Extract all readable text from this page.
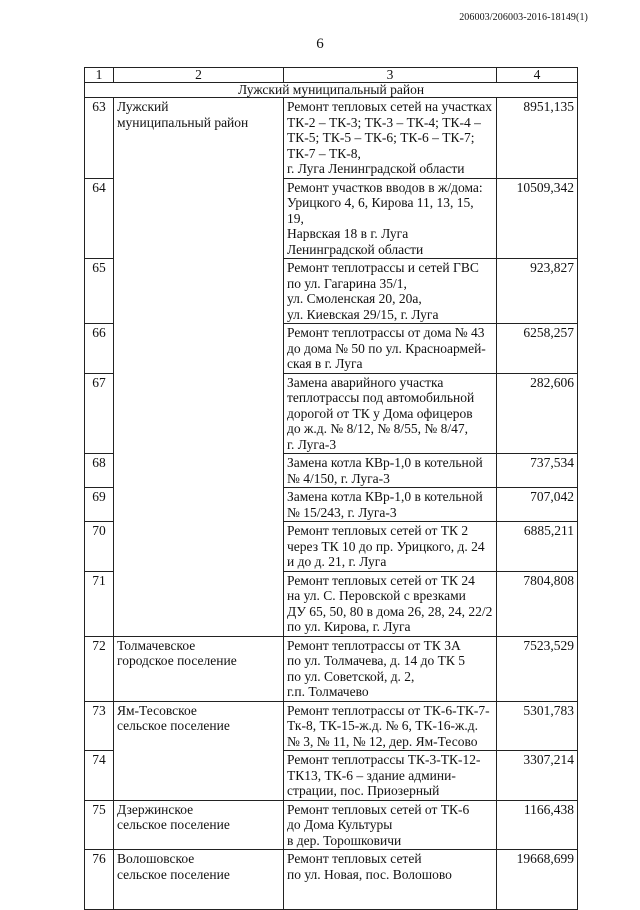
206003/206003-2016-18149(1)
6
1	2	3	4
Лужский муниципальный район			
63	Лужский
муниципальный район	Ремонт тепловых сетей на участках
ТК-2 – ТК-3; ТК-3 – ТК-4; ТК-4 –
ТК-5; ТК-5 – ТК-6; ТК-6 – ТК-7;
ТК-7 – ТК-8,
г. Луга Ленинградской области	8951,135
64		Ремонт участков вводов в ж/дома:
Урицкого 4, 6, Кирова 11, 13, 15, 19,
Нарвская 18 в г. Луга
Ленинградской области	10509,342
65		Ремонт теплотрассы и сетей ГВС
по ул. Гагарина 35/1,
ул. Смоленская 20, 20а,
ул. Киевская 29/15, г. Луга	923,827
66		Ремонт теплотрассы от дома № 43
до дома № 50 по ул. Красноармей-
ская в г. Луга	6258,257
67		Замена аварийного участка
теплотрассы под автомобильной
дорогой от ТК у Дома офицеров
до ж.д. № 8/12, № 8/55, № 8/47,
г. Луга-3	282,606
68		Замена котла КВр-1,0 в котельной
№ 4/150, г. Луга-3	737,534
69		Замена котла КВр-1,0 в котельной
№ 15/243, г. Луга-3	707,042
70		Ремонт тепловых сетей от ТК 2
через ТК 10 до пр. Урицкого, д. 24
и до д. 21, г. Луга	6885,211
71		Ремонт тепловых сетей от ТК 24
на ул. С. Перовской с врезками
ДУ 65, 50, 80 в дома 26, 28, 24, 22/2
по ул. Кирова, г. Луга	7804,808
72	Толмачевское
городское поселение	Ремонт теплотрассы от ТК 3А
по ул. Толмачева, д. 14 до ТК 5
по ул. Советской, д. 2,
г.п. Толмачево	7523,529
73	Ям-Тесовское
сельское поселение	Ремонт теплотрассы от ТК-6-ТК-7-
Тк-8, ТК-15-ж.д. № 6, ТК-16-ж.д.
№ 3, № 11, № 12, дер. Ям-Тесово	5301,783
74		Ремонт теплотрассы ТК-3-ТК-12-
ТК13, ТК-6 – здание админи-
страции, пос. Приозерный	3307,214
75	Дзержинское
сельское поселение	Ремонт тепловых сетей от ТК-6
до Дома Культуры
в дер. Торошковичи	1166,438
76	Волошовское
сельское поселение	Ремонт тепловых сетей
по ул. Новая, пос. Волошово	19668,699
